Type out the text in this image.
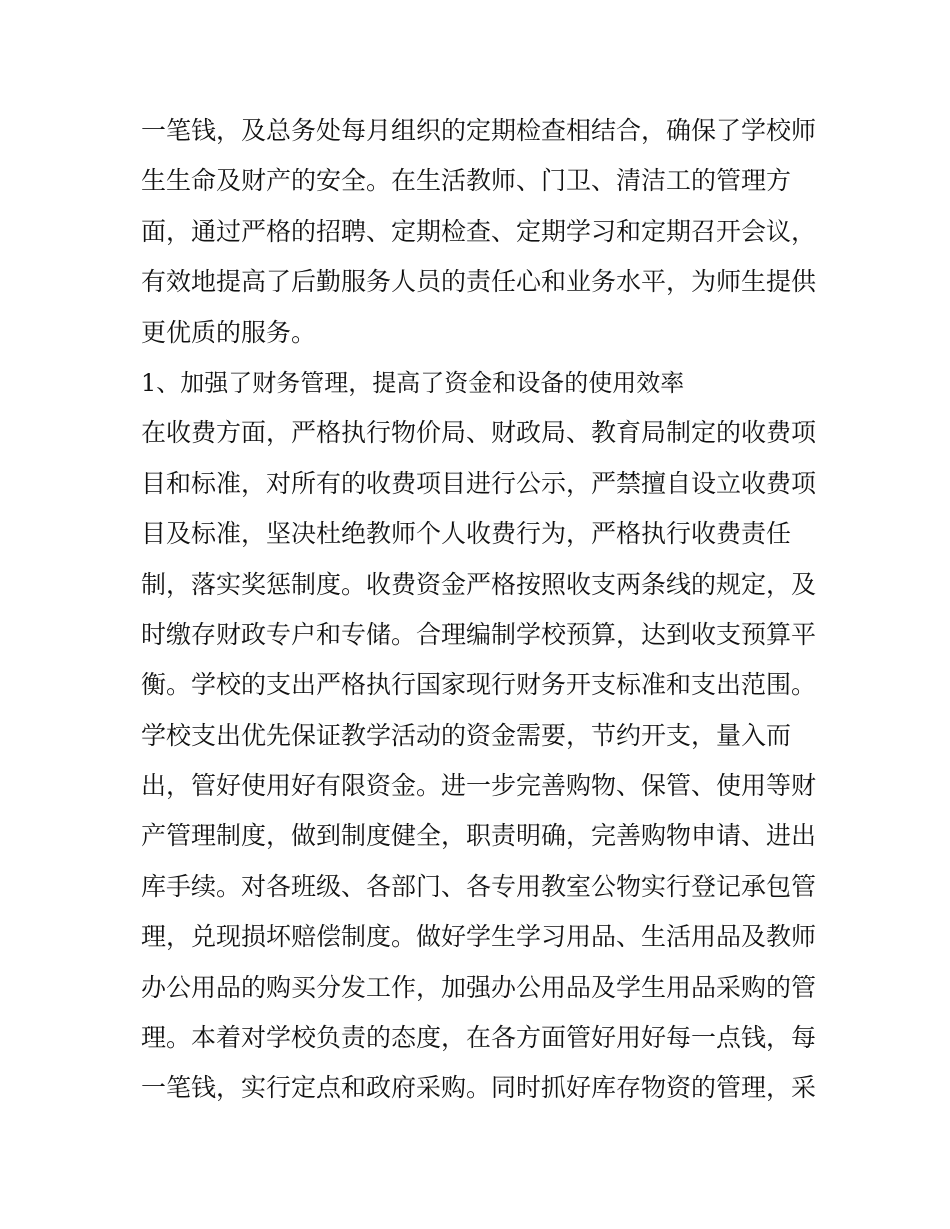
一笔钱，及总务处每月组织的定期检查相结合，确保了学校师
生生命及财产的安全。在生活教师、门卫、清洁工的管理方
面，通过严格的招聘、定期检查、定期学习和定期召开会议，
有效地提高了后勤服务人员的责任心和业务水平，为师生提供
更优质的服务。
1、加强了财务管理，提高了资金和设备的使用效率
在收费方面，严格执行物价局、财政局、教育局制定的收费项
目和标准，对所有的收费项目进行公示，严禁擅自设立收费项
目及标准，坚决杜绝教师个人收费行为，严格执行收费责任
制，落实奖惩制度。收费资金严格按照收支两条线的规定，及
时缴存财政专户和专储。合理编制学校预算，达到收支预算平
衡。学校的支出严格执行国家现行财务开支标准和支出范围。
学校支出优先保证教学活动的资金需要，节约开支，量入而
出，管好使用好有限资金。进一步完善购物、保管、使用等财
产管理制度，做到制度健全，职责明确，完善购物申请、进出
库手续。对各班级、各部门、各专用教室公物实行登记承包管
理，兑现损坏赔偿制度。做好学生学习用品、生活用品及教师
办公用品的购买分发工作，加强办公用品及学生用品采购的管
理。本着对学校负责的态度，在各方面管好用好每一点钱，每
一笔钱，实行定点和政府采购。同时抓好库存物资的管理，采
